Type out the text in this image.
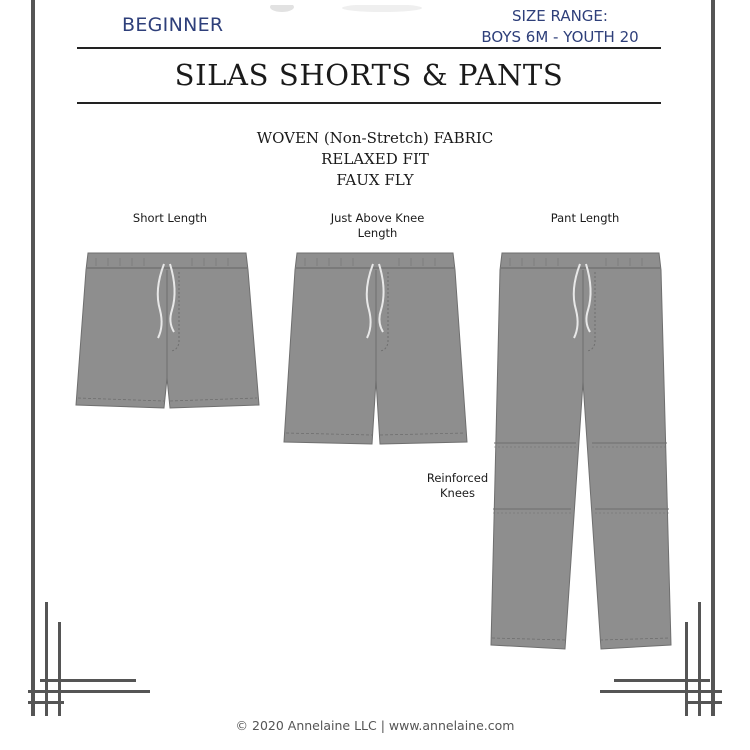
BEGINNER	SIZE RANGE:
BOYS 6M - YOUTH 20
SILAS SHORTS & PANTS
WOVEN (Non-Stretch) FABRIC
RELAXED FIT
FAUX FLY
Short Length	Just Above Knee
Length
Pant Length
Reinforced
Knees
© 2020 Annelaine LLC | www.annelaine.com
